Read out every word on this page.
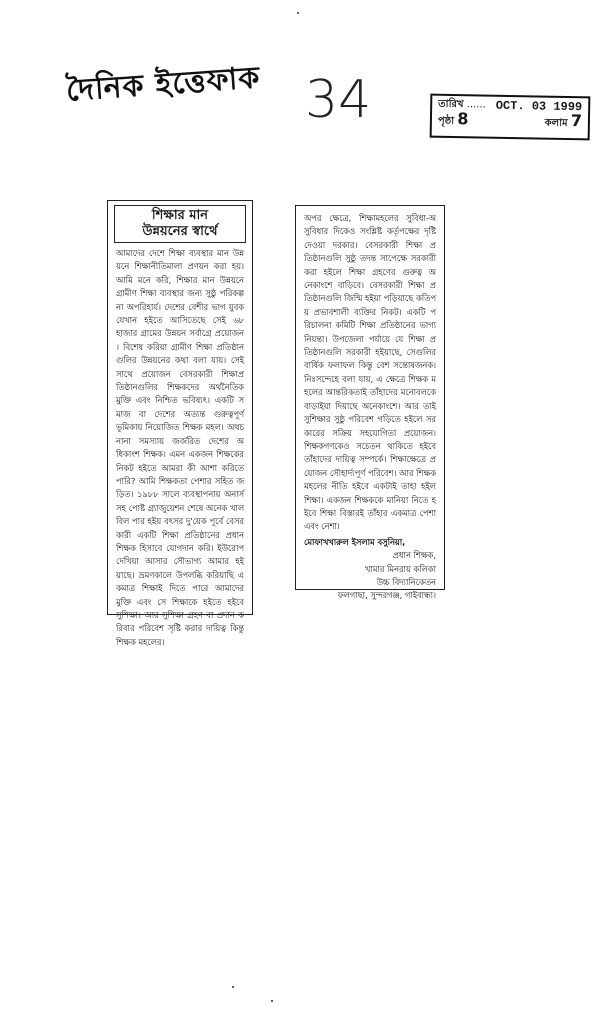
দৈনিক ইত্তেফাক 34	তারিখ ...... OCT. 03 1999
পৃষ্ঠা 8	কলাম 7
শিক্ষার মান
উন্নয়নের স্বার্থে
আমাদের দেশে শিক্ষা ব্যবস্থার মান উন্নয়নে শিক্ষানীতিমালা প্রণয়ন করা হয়। আমি মনে করি, শিক্ষার মান উন্নয়নে গ্রামীণ শিক্ষা ব্যবস্থার জন্য সুষ্ঠু পরিকল্পনা অপরিহার্য। দেশের বেশীর ভাগ যুবক যেখান হইতে আসিতেছে সেই ৬৮ হাজার গ্রামের উন্নয়ন সর্বাগ্রে প্রয়োজন। বিশেষ করিয়া গ্রামীণ শিক্ষা প্রতিষ্ঠানগুলির উন্নয়নের কথা বলা যায়। সেইসাথে প্রয়োজন বেসরকারী শিক্ষাপ্রতিষ্ঠানগুলির শিক্ষকদের অর্থনৈতিক মুক্তি এবং নিশ্চিত ভবিষ্যৎ। একটি সমাজ বা দেশের অত্যন্ত গুরুত্বপূর্ণ ভূমিকায় নিয়োজিত শিক্ষক মহল। অথচ নানা সমস্যায় জর্জরিত দেশের অধিকাংশ শিক্ষক। এমন একজন শিক্ষকের নিকট হইতে আমরা কী আশা করিতে পারি? আমি শিক্ষকতা পেশার সহিত জড়িত। ১৯৮৮ সালে ব্যবস্থাপনায় অনার্সসহ পোষ্ট গ্র্যাজুয়েশন শেষে অনেক খাল বিল পার হইয় বৎসর দু'য়েক পূর্বে বেসরকারী একটি শিক্ষা প্রতিষ্ঠানের প্রধান শিক্ষক হিসাবে যোগদান করি। ইউরোপ দেখিয়া আসার সৌভাগ্য আমার হইয়াছে। ভ্রমণকালে উপলব্ধি করিয়াছি একমাত্র শিক্ষাই দিতে পারে আমাদের মুক্তি এবং সে শিক্ষাকে হইতে হইবে সুশিক্ষা। আর সুশিক্ষা গ্রহণ বা প্রদান করিবার পরিবেশ সৃষ্টি করার দায়িত্ব কিন্তু শিক্ষক মহলের।
অপর ক্ষেত্রে, শিক্ষামহলের সুবিধা-অসুবিধার দিকেও সংশ্লিষ্ট কর্তৃপক্ষের দৃষ্টি দেওয়া দরকার। বেসরকারী শিক্ষা প্রতিষ্ঠানগুলি সুষ্ঠু তদন্ত সাপেক্ষে সরকারী করা হইলে শিক্ষা গ্রহণের গুরুত্ব অনেকাংশে বাড়িবে। বেসরকারী শিক্ষা প্রতিষ্ঠানগুলি জিম্মি হইয়া পড়িয়াছে কতিপয় প্রভাবশালী ব্যক্তির নিকট। একটি পরিচালনা কমিটি শিক্ষা প্রতিষ্ঠানের ভাগ্য নিয়ন্তা। উপজেলা পর্যায়ে যে শিক্ষা প্রতিষ্ঠানগুলি সরকারী হইয়াছে, সেগুলির বার্ষিক ফলাফল কিন্তু বেশ সন্তোষজনক। নিঃসন্দেহে বলা যায়, এ ক্ষেত্রে শিক্ষক মহলের আন্তরিকতাই তাঁহাদের মনোবলকে বাড়াইয়া দিয়াছে অনেকাংশে। আর তাই সুশিক্ষার সুষ্ঠু পরিবেশ গড়িতে হইলে সরকারের সক্রিয় সহযোগিতা প্রয়োজন। শিক্ষকগণকেও সচেতন থাকিতে হইবে তাঁহাদের দায়িত্ব সম্পর্কে। শিক্ষাক্ষেত্রে প্রয়োজন সৌহার্দ্যপূর্ণ পরিবেশ। আর শিক্ষক মহলের নীতি হইবে একটাই তাহা হইল শিক্ষা। একজন শিক্ষককে মানিয়া নিতে হইবে শিক্ষা বিস্তারই তাঁহার একমাত্র পেশা এবং নেশা।
মোফাখখারুল ইসলাম বসুনিয়া,
প্রধান শিক্ষক,
খামার মিনরায় কলিকা
উচ্চ বিদ্যানিকেতন
ফলগাছা, সুন্দরগঞ্জ, গাইবান্ধা।
